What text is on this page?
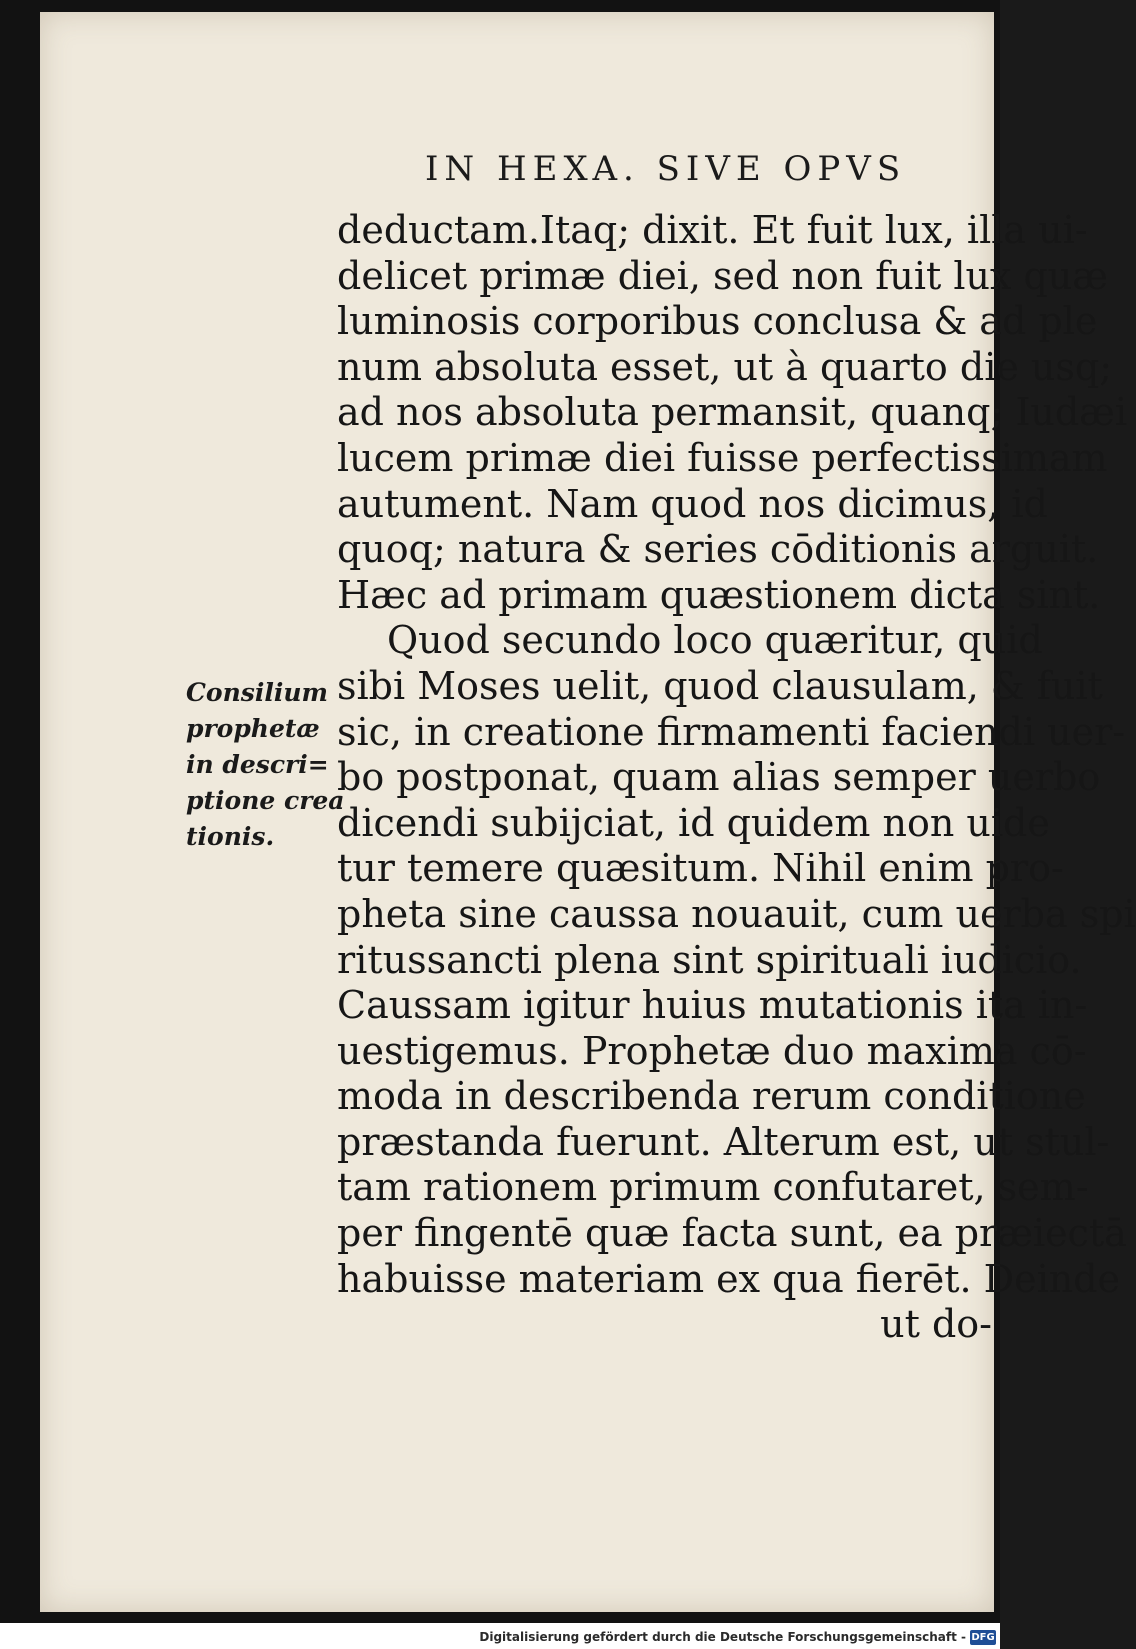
IN HEXA. SIVE OPVS
deductam.Itaq; dixit. Et fuit lux, illa ui-
delicet primæ diei, sed non fuit lux quæ
luminosis corporibus conclusa & ad ple
num absoluta esset, ut à quarto die usq;
ad nos absoluta permansit, quanq; Iudæi
lucem primæ diei fuisse perfectissimam
autument. Nam quod nos dicimus, id
quoq; natura & series cōditionis arguit.
Hæc ad primam quæstionem dicta sint.
Quod secundo loco quæritur, quid
sibi Moses uelit, quod clausulam, & fuit
sic, in creatione firmamenti faciendi uer-
bo postponat, quam alias semper uerbo
dicendi subijciat, id quidem non uide
tur temere quæsitum. Nihil enim pro-
pheta sine caussa nouauit, cum uerba spi
ritussancti plena sint spirituali iudicio.
Caussam igitur huius mutationis ita in-
uestigemus. Prophetæ duo maxima cō-
moda in describenda rerum conditione
præstanda fuerunt. Alterum est, ut stul-
tam rationem primum confutaret, sem-
per fingentē quæ facta sunt, ea præiectā
habuisse materiam ex qua fierēt. Deinde
ut do-
Consilium
prophetæ
in descri=
ptione crea
tionis.
Digitalisierung gefördert durch die Deutsche Forschungsgemeinschaft - DFG
